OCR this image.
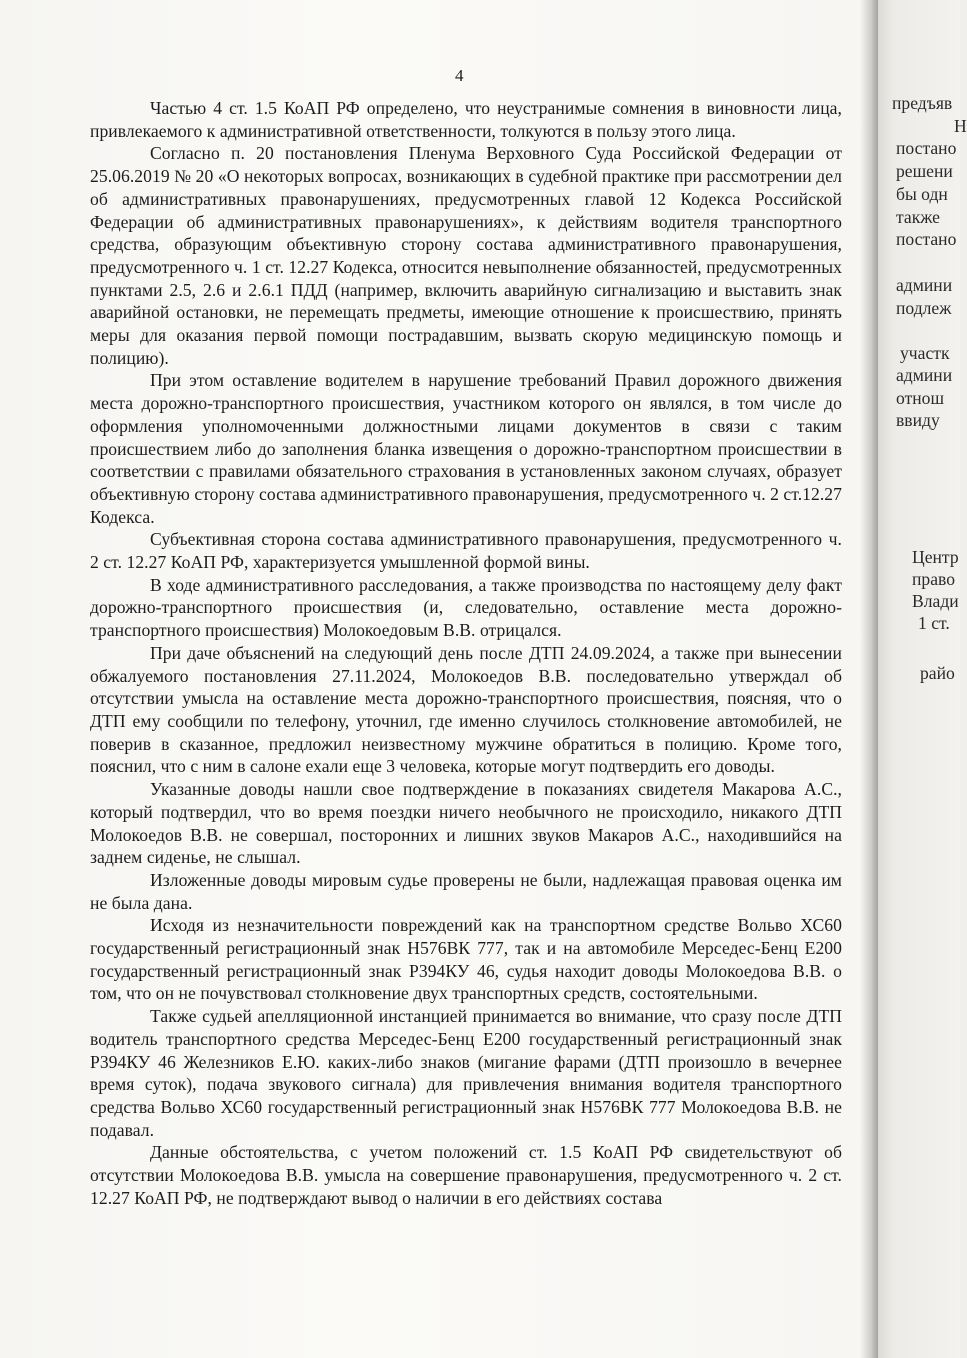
4

Частью 4 ст. 1.5 КоАП РФ определено, что неустранимые сомнения в виновности лица, привлекаемого к административной ответственности, толкуются в пользу этого лица.

Согласно п. 20 постановления Пленума Верховного Суда Российской Федерации от 25.06.2019 № 20 «О некоторых вопросах, возникающих в судебной практике при рассмотрении дел об административных правонарушениях, предусмотренных главой 12 Кодекса Российской Федерации об административных правонарушениях», к действиям водителя транспортного средства, образующим объективную сторону состава административного правонарушения, предусмотренного ч. 1 ст. 12.27 Кодекса, относится невыполнение обязанностей, предусмотренных пунктами 2.5, 2.6 и 2.6.1 ПДД (например, включить аварийную сигнализацию и выставить знак аварийной остановки, не перемещать предметы, имеющие отношение к происшествию, принять меры для оказания первой помощи пострадавшим, вызвать скорую медицинскую помощь и полицию).

При этом оставление водителем в нарушение требований Правил дорожного движения места дорожно-транспортного происшествия, участником которого он являлся, в том числе до оформления уполномоченными должностными лицами документов в связи с таким происшествием либо до заполнения бланка извещения о дорожно-транспортном происшествии в соответствии с правилами обязательного страхования в установленных законом случаях, образует объективную сторону состава административного правонарушения, предусмотренного ч. 2 ст.12.27 Кодекса.

Субъективная сторона состава административного правонарушения, предусмотренного ч. 2 ст. 12.27 КоАП РФ, характеризуется умышленной формой вины.

В ходе административного расследования, а также производства по настоящему делу факт дорожно-транспортного происшествия (и, следовательно, оставление места дорожно-транспортного происшествия) Молокоедовым В.В. отрицался.

При даче объяснений на следующий день после ДТП 24.09.2024, а также при вынесении обжалуемого постановления 27.11.2024, Молокоедов В.В. последовательно утверждал об отсутствии умысла на оставление места дорожно-транспортного происшествия, поясняя, что о ДТП ему сообщили по телефону, уточнил, где именно случилось столкновение автомобилей, не поверив в сказанное, предложил неизвестному мужчине обратиться в полицию. Кроме того, пояснил, что с ним в салоне ехали еще 3 человека, которые могут подтвердить его доводы.

Указанные доводы нашли свое подтверждение в показаниях свидетеля Макарова А.С., который подтвердил, что во время поездки ничего необычного не происходило, никакого ДТП Молокоедов В.В. не совершал, посторонних и лишних звуков Макаров А.С., находившийся на заднем сиденье, не слышал.

Изложенные доводы мировым судье проверены не были, надлежащая правовая оценка им не была дана.

Исходя из незначительности повреждений как на транспортном средстве Вольво ХС60 государственный регистрационный знак Н576ВК 777, так и на автомобиле Мерседес-Бенц Е200 государственный регистрационный знак Р394КУ 46, судья находит доводы Молокоедова В.В. о том, что он не почувствовал столкновение двух транспортных средств, состоятельными.

Также судьей апелляционной инстанцией принимается во внимание, что сразу после ДТП водитель транспортного средства Мерседес-Бенц Е200 государственный регистрационный знак Р394КУ 46 Железников Е.Ю. каких-либо знаков (мигание фарами (ДТП произошло в вечернее время суток), подача звукового сигнала) для привлечения внимания водителя транспортного средства Вольво ХС60 государственный регистрационный знак Н576ВК 777 Молокоедова В.В. не подавал.

Данные обстоятельства, с учетом положений ст. 1.5 КоАП РФ свидетельствуют об отсутствии Молокоедова В.В. умысла на совершение правонарушения, предусмотренного ч. 2 ст. 12.27 КоАП РФ, не подтверждают вывод о наличии в его действиях состава

предъяв
Н
постано
решени
бы одн
также
постано
админи
подлеж
участк
админи
отнош
ввиду
Центр
право
Влади
1 ст.
райо
